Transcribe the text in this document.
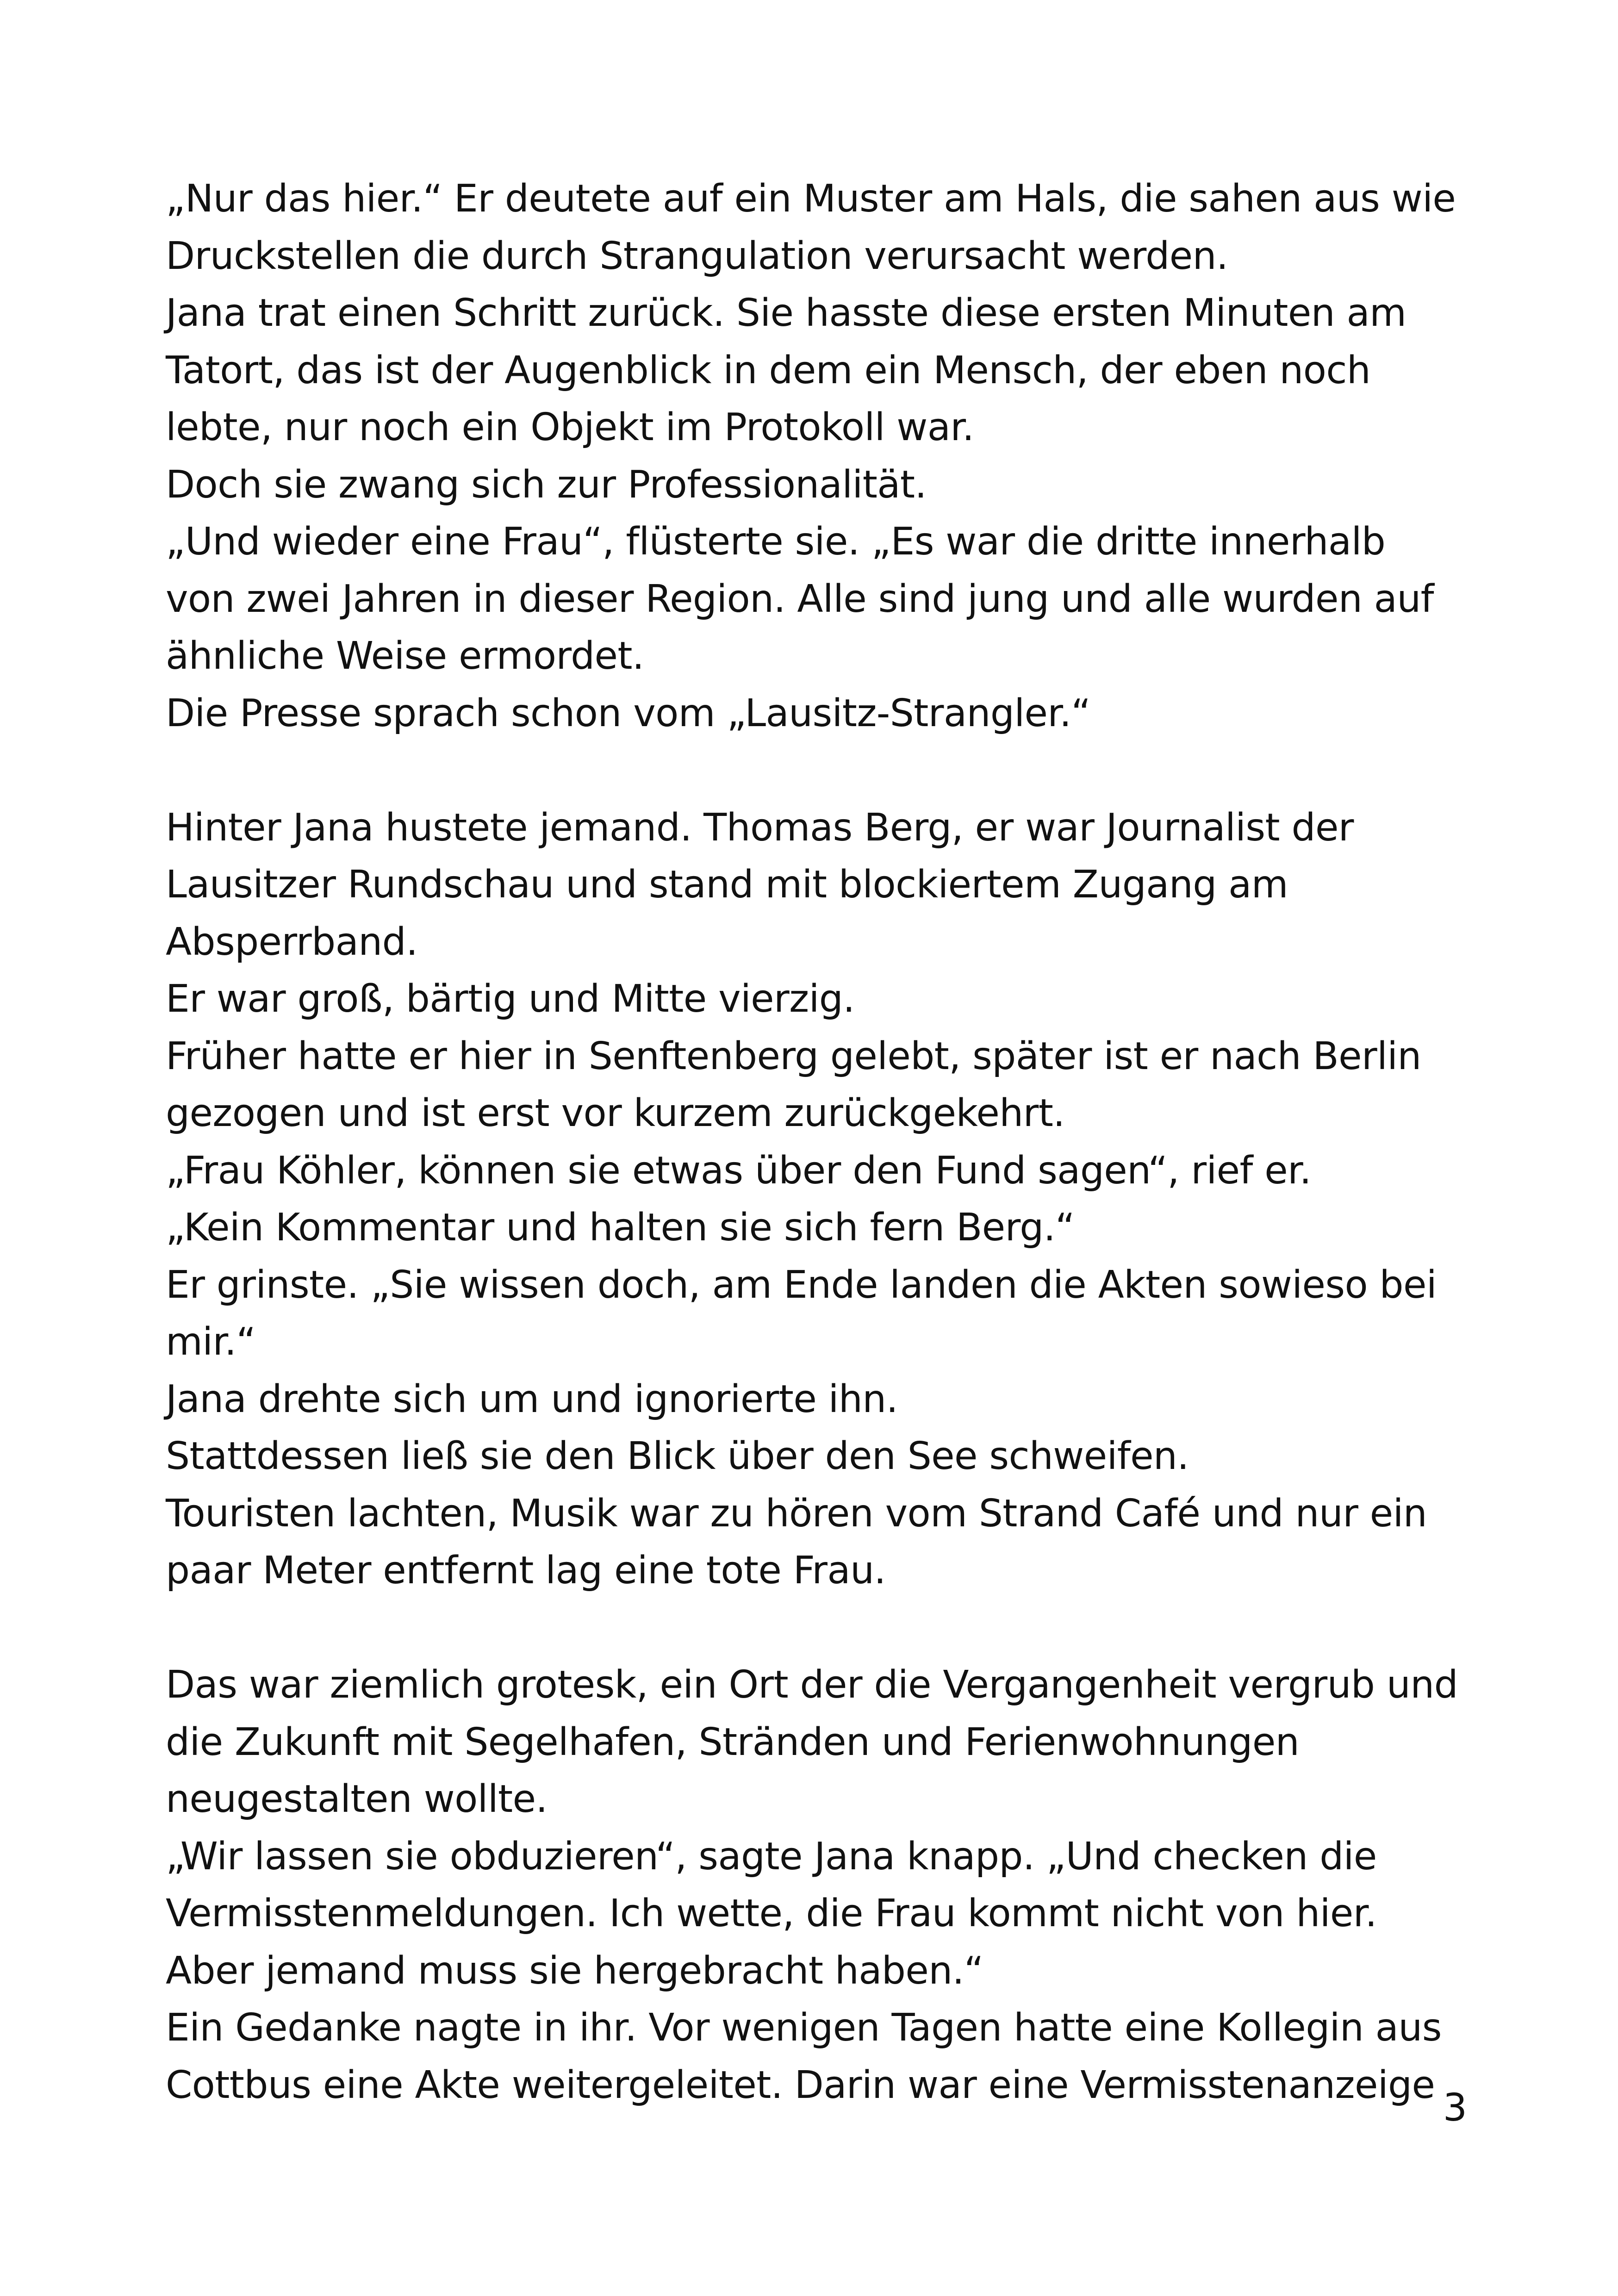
„Nur das hier.“ Er deutete auf ein Muster am Hals, die sahen aus wie
Druckstellen die durch Strangulation verursacht werden.
Jana trat einen Schritt zurück. Sie hasste diese ersten Minuten am
Tatort, das ist der Augenblick in dem ein Mensch, der eben noch
lebte, nur noch ein Objekt im Protokoll war.
Doch sie zwang sich zur Professionalität.
„Und wieder eine Frau“, flüsterte sie. „Es war die dritte innerhalb
von zwei Jahren in dieser Region. Alle sind jung und alle wurden auf
ähnliche Weise ermordet.
Die Presse sprach schon vom „Lausitz-Strangler.“
Hinter Jana hustete jemand. Thomas Berg, er war Journalist der
Lausitzer Rundschau und stand mit blockiertem Zugang am
Absperrband.
Er war groß, bärtig und Mitte vierzig.
Früher hatte er hier in Senftenberg gelebt, später ist er nach Berlin
gezogen und ist erst vor kurzem zurückgekehrt.
„Frau Köhler, können sie etwas über den Fund sagen“, rief er.
„Kein Kommentar und halten sie sich fern Berg.“
Er grinste. „Sie wissen doch, am Ende landen die Akten sowieso bei
mir.“
Jana drehte sich um und ignorierte ihn.
Stattdessen ließ sie den Blick über den See schweifen.
Touristen lachten, Musik war zu hören vom Strand Café und nur ein
paar Meter entfernt lag eine tote Frau.
Das war ziemlich grotesk, ein Ort der die Vergangenheit vergrub und
die Zukunft mit Segelhafen, Stränden und Ferienwohnungen
neugestalten wollte.
„Wir lassen sie obduzieren“, sagte Jana knapp. „Und checken die
Vermisstenmeldungen. Ich wette, die Frau kommt nicht von hier.
Aber jemand muss sie hergebracht haben.“
Ein Gedanke nagte in ihr. Vor wenigen Tagen hatte eine Kollegin aus
Cottbus eine Akte weitergeleitet. Darin war eine Vermisstenanzeige
3
